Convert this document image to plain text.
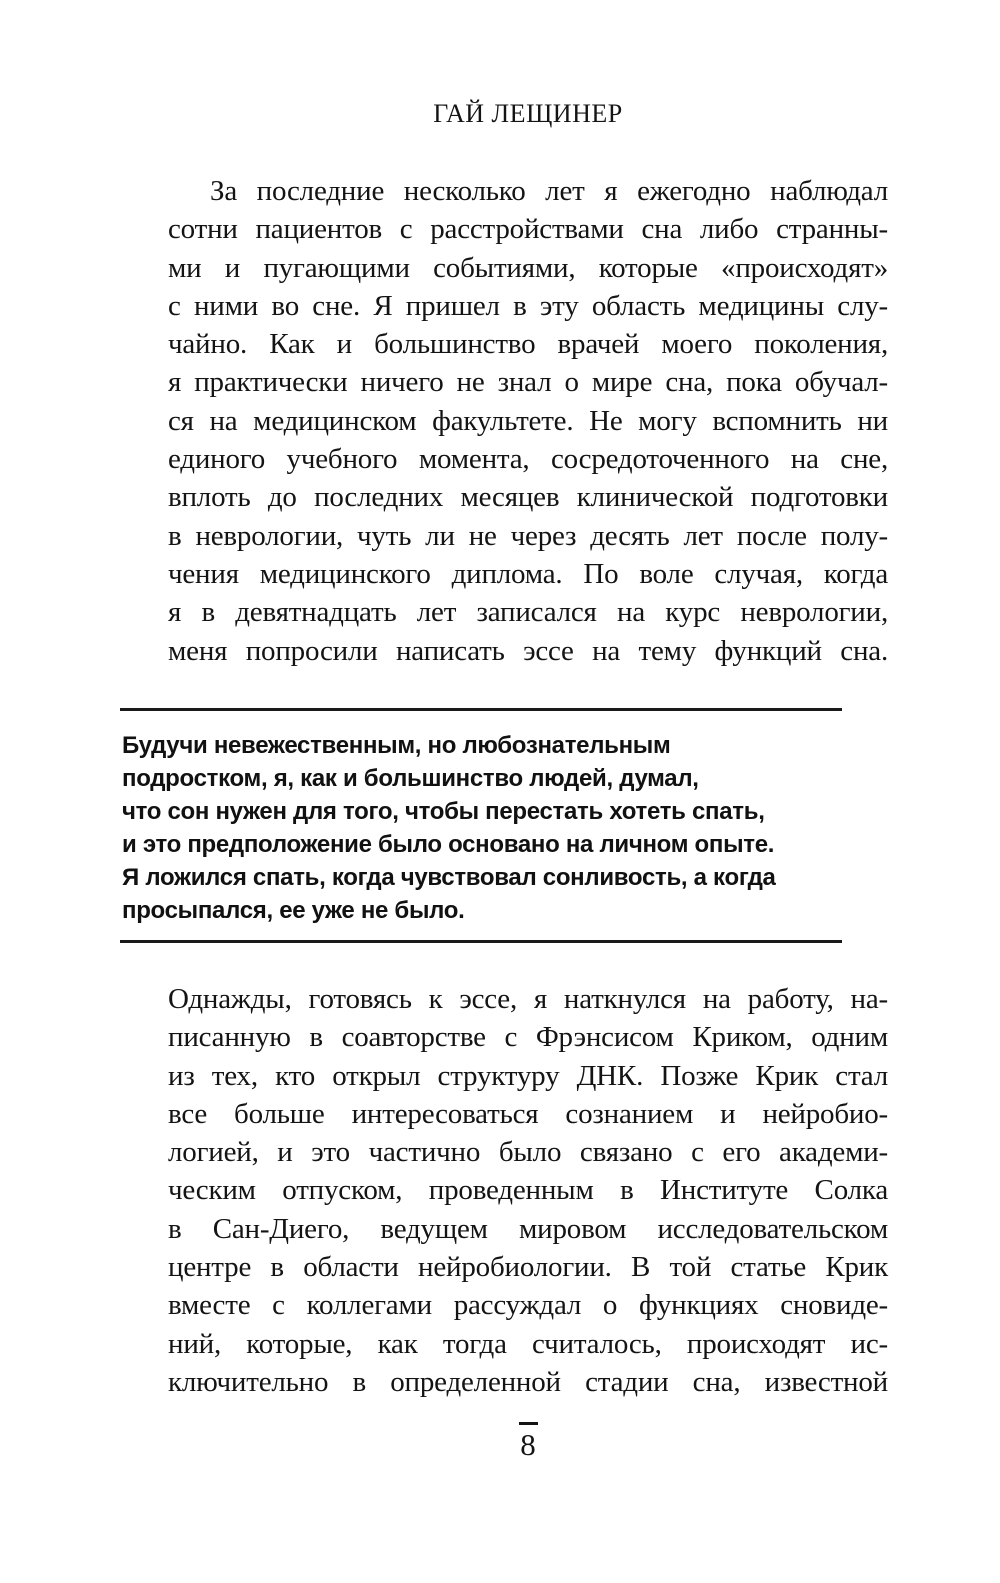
ГАЙ ЛЕЩИНЕР
За последние несколько лет я ежегодно наблюдал
сотни пациентов с расстройствами сна либо странны-
ми и пугающими событиями, которые «происходят»
с ними во сне. Я пришел в эту область медицины слу-
чайно. Как и большинство врачей моего поколения,
я практически ничего не знал о мире сна, пока обучал-
ся на медицинском факультете. Не могу вспомнить ни
единого учебного момента, сосредоточенного на сне,
вплоть до последних месяцев клинической подготовки
в неврологии, чуть ли не через десять лет после полу-
чения медицинского диплома. По воле случая, когда
я в девятнадцать лет записался на курс неврологии,
меня попросили написать эссе на тему функций сна.
Будучи невежественным, но любознательным
подростком, я, как и большинство людей, думал,
что сон нужен для того, чтобы перестать хотеть спать,
и это предположение было основано на личном опыте.
Я ложился спать, когда чувствовал сонливость, а когда
просыпался, ее уже не было.
Однажды, готовясь к эссе, я наткнулся на работу, на-
писанную в соавторстве с Фрэнсисом Криком, одним
из тех, кто открыл структуру ДНК. Позже Крик стал
все больше интересоваться сознанием и нейробио-
логией, и это частично было связано с его академи-
ческим отпуском, проведенным в Институте Солка
в Сан-Диего, ведущем мировом исследовательском
центре в области нейробиологии. В той статье Крик
вместе с коллегами рассуждал о функциях сновиде-
ний, которые, как тогда считалось, происходят ис-
ключительно в определенной стадии сна, известной
8
